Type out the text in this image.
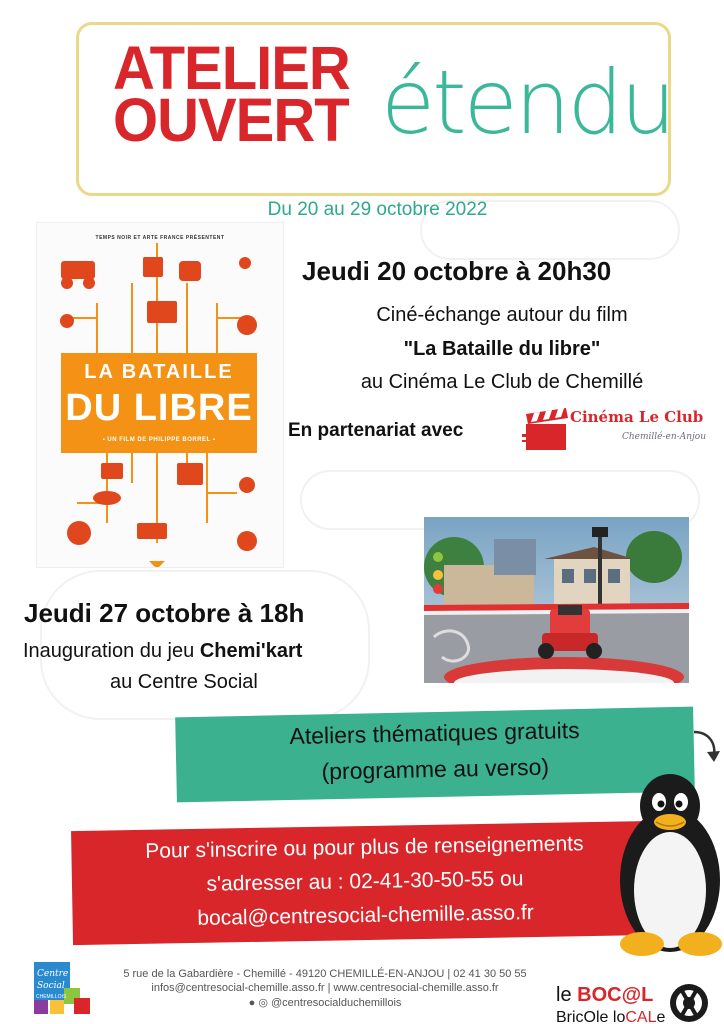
ATELIER
OUVERT étendu
Du 20 au 29 octobre 2022
TEMPS NOIR ET ARTE FRANCE PRÉSENTENT
LA BATAILLE
DU LIBRE
▪ UN FILM DE PHILIPPE BORREL ▪
Jeudi 20 octobre à 20h30
Ciné-échange autour du film
"La Bataille du libre"
au Cinéma Le Club de Chemillé
En partenariat avec
Cinéma Le Club
Chemillé-en-Anjou
Jeudi 27 octobre à 18h
Inauguration du jeu Chemi'kart
au Centre Social
Ateliers thématiques gratuits
(programme au verso)
Pour s'inscrire ou pour plus de renseignements
s'adresser au : 02-41-30-50-55 ou
bocal@centresocial-chemille.asso.fr
Centre
Social
CHEMILLOIS
5 rue de la Gabardière - Chemillé - 49120 CHEMILLÉ-EN-ANJOU | 02 41 30 50 55
infos@centresocial-chemille.asso.fr | www.centresocial-chemille.asso.fr
● ◎ @centresocialduchemillois	le BOC@L
BricOle loCALe
